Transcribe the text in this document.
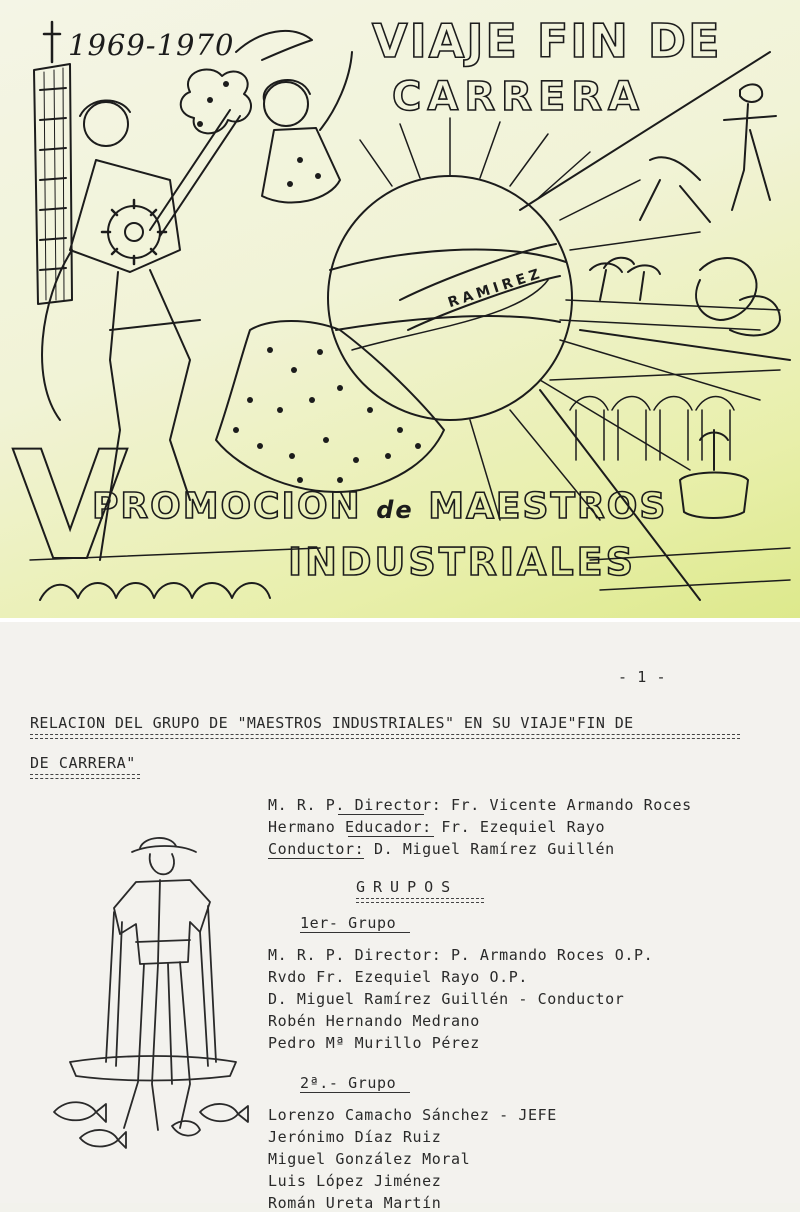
1969-1970	VIAJE FIN DE
CARRERA
RAMIREZ
V
PROMOCION de MAESTROS
INDUSTRIALES
- 1 -
RELACION DEL GRUPO DE "MAESTROS INDUSTRIALES" EN SU VIAJE"FIN DE
DE CARRERA"
M. R. P. Director: Fr. Vicente Armando Roces
Hermano Educador: Fr. Ezequiel Rayo
Conductor: D. Miguel Ramírez Guillén
GRUPOS
1er- Grupo
M. R. P. Director: P. Armando Roces O.P.
Rvdo Fr. Ezequiel Rayo O.P.
D. Miguel Ramírez Guillén - Conductor
Robén Hernando Medrano
Pedro Mª Murillo Pérez
2ª.- Grupo
Lorenzo Camacho Sánchez - JEFE
Jerónimo Díaz Ruiz
Miguel González Moral
Luis López Jiménez
Román Ureta Martín
